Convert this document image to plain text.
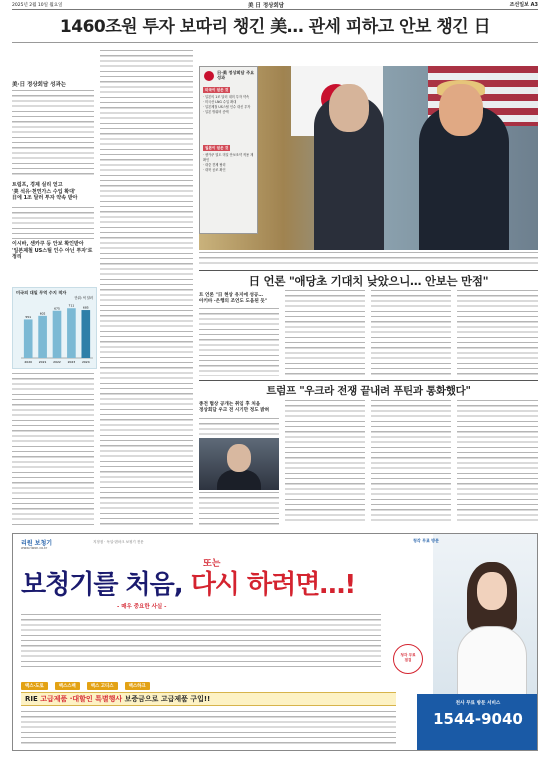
2025년 2월 10일 월요일	美 日 정상회담	조선일보 A3
1460조원 투자 보따리 챙긴 美… 관세 피하고 안보 챙긴 日
美·日 정상회담 성과는
트럼프, 경제 실리 얻고
'美 석유·천연가스 수입 확대'
日에 1조 달러 투자 약속 받아
이시바, 센카쿠 등 안보 확인받아
'일본제철 US스틸 인수 아닌 투자'로 정리
미국의 대일 무역 수지 적자
단위: 억 달러
551
2020
602
2021
675
2022
711
2023
685
2024
日·美 정상회담 주요 성과
미국이 얻은 것
· 일본의 1조 달러 대미 투자 약속
· 미국산 LNG 수입 확대
· 일본제철 US스틸 인수 대신 투자
· 일본 방위비 증액
일본이 얻은 것
· 센카쿠 열도 미일 안보조약 적용 재확인
· 대중 견제 협력
· 대북 공조 확인
日 언론 "애당초 기대치 낮았으니… 안보는 만점"
트 언론 "日 현상 유지에 성공…
아키바 ·은행의 조언도 도움된 듯"
트럼프 "우크라 전쟁 끝내려 푸틴과 통화했다"
종전 협상 공개는 취임 후 처음
정상회담 우크 전 시기만 정도 밝혀
리원 보청기
www.riwon.co.kr
지정점 · 독일·덴마크 보청기 전문
또는
보청기를 처음, 다시 하려면…!
- 매우 중요한 사실 -
맥스·도로	맥스스펙	맥스 고디스	맥스하크
RIE 고급제품 ·대할인 특별행사 보증금으로 고급제품 구입!!
청각 무료 방문
청각 무료
점검
천사 무료 방문 서비스
1544-9040
